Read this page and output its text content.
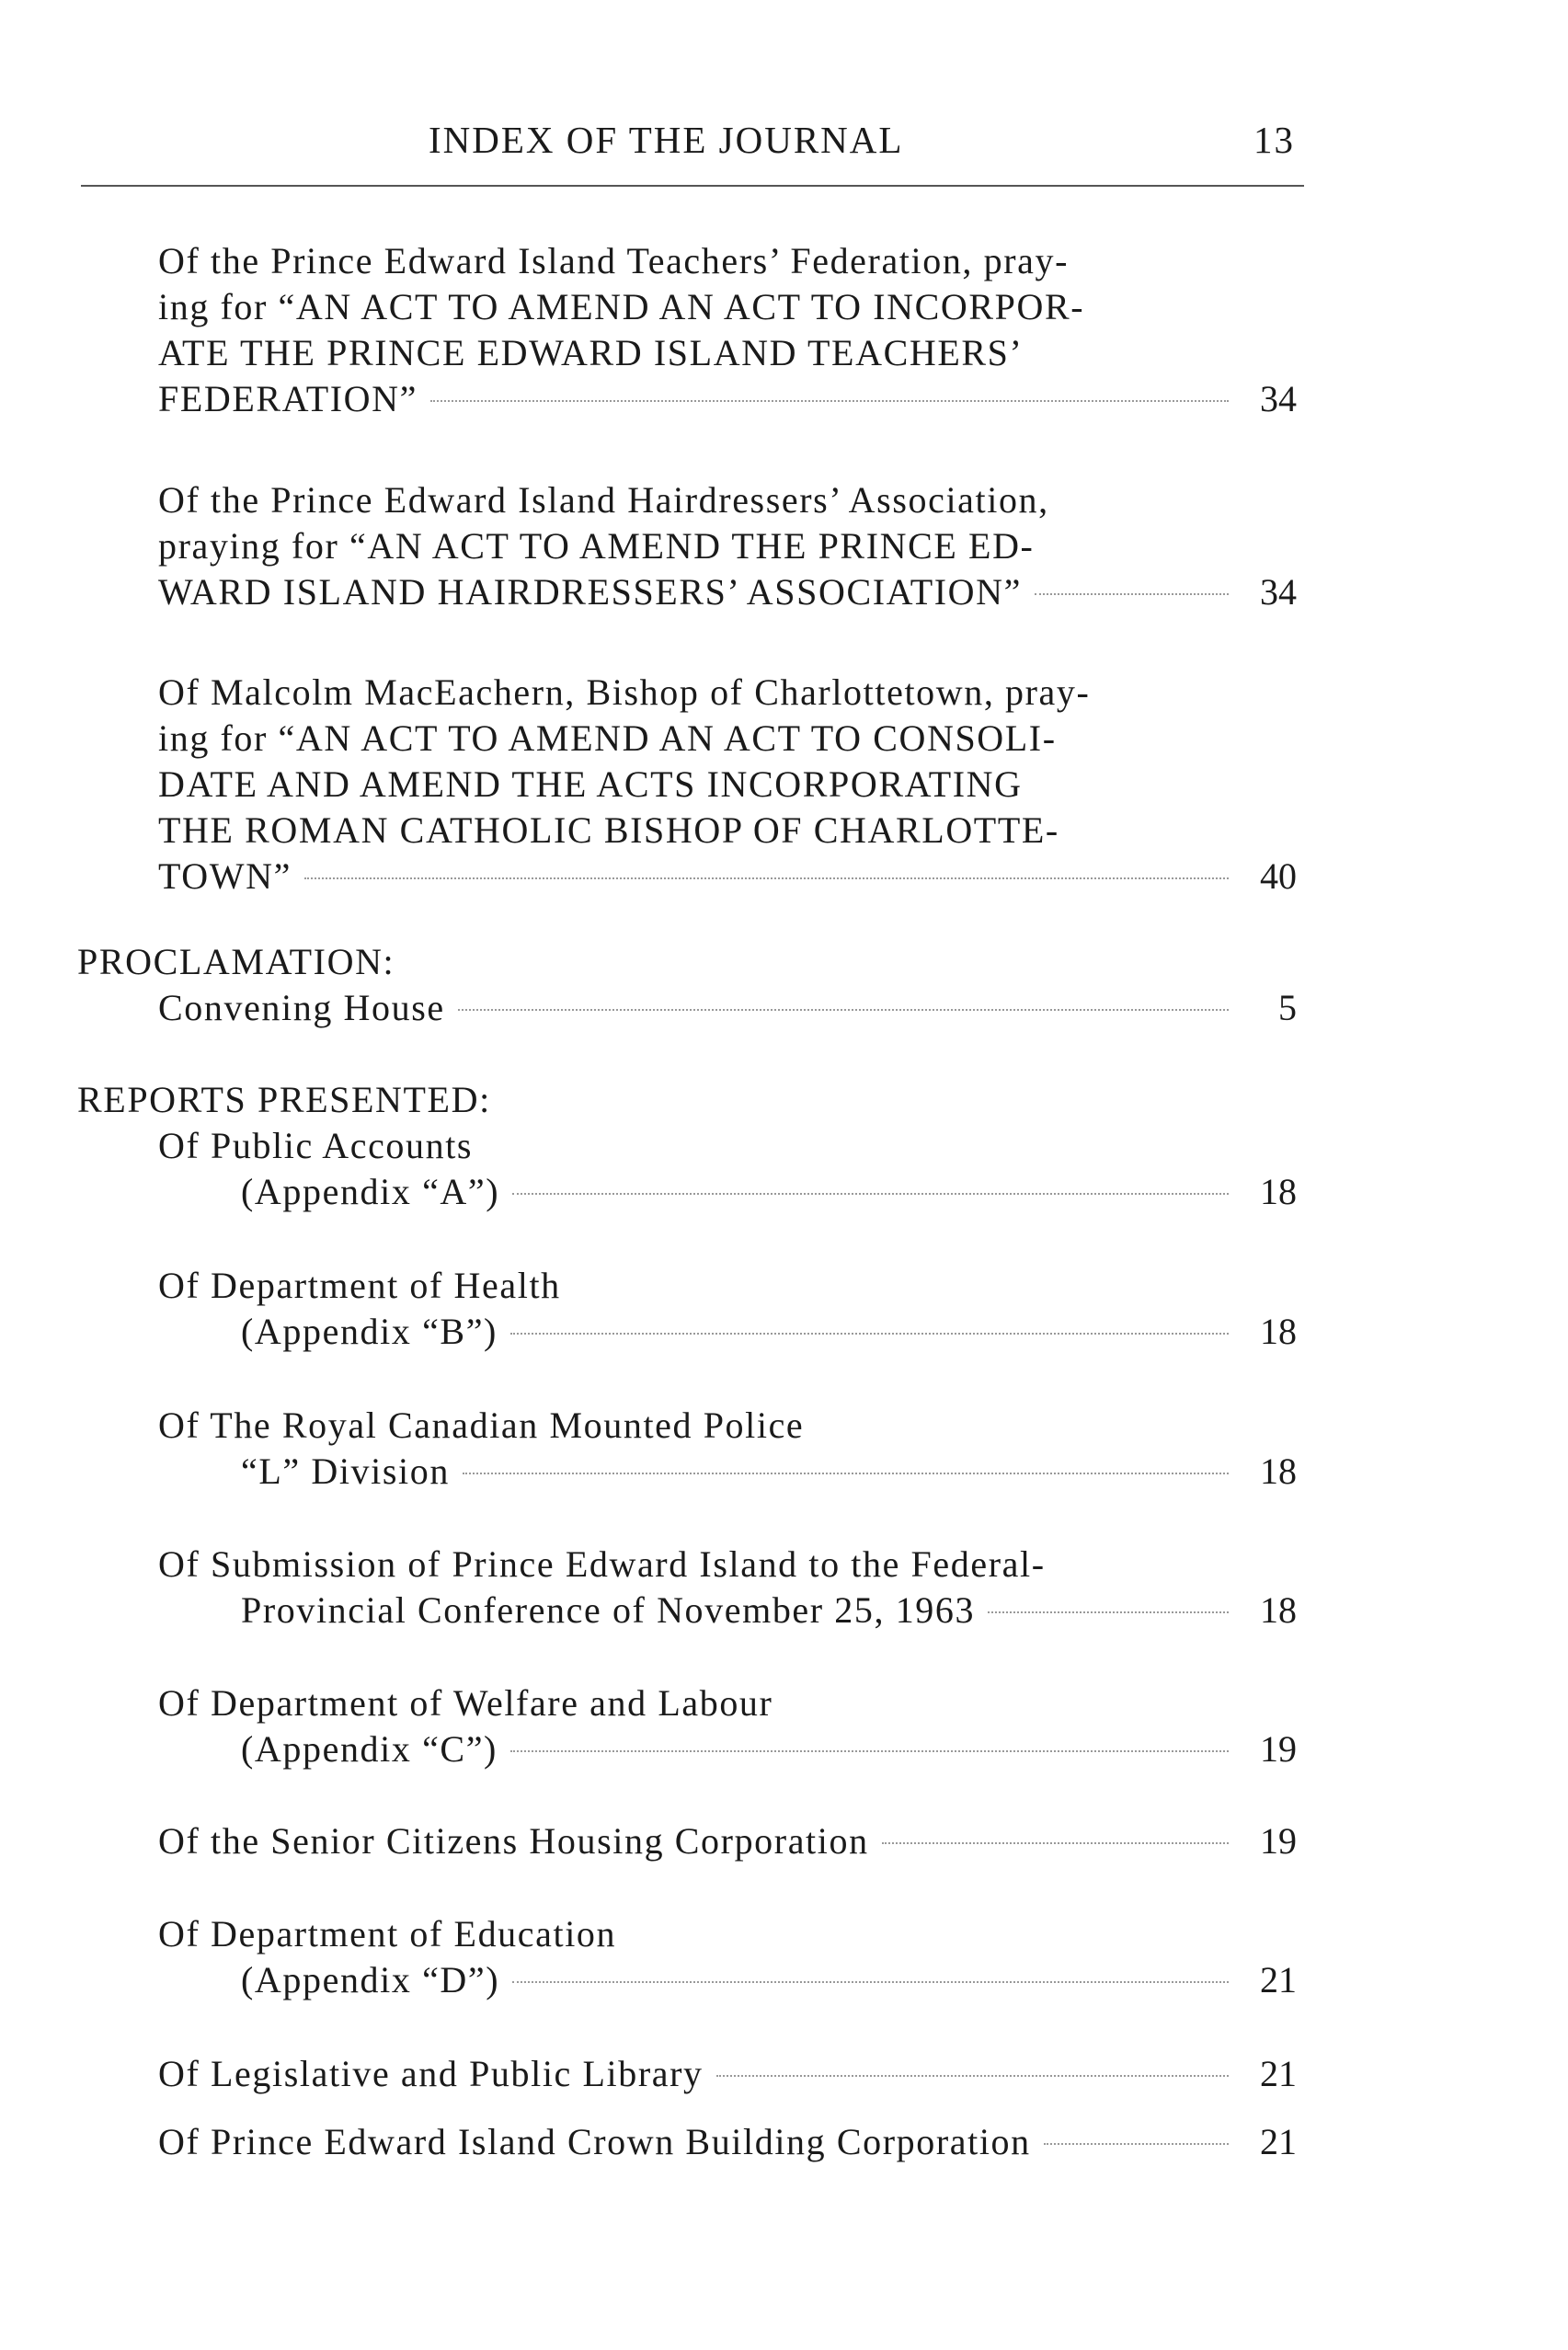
INDEX OF THE JOURNAL	13
Of the Prince Edward Island Teachers’ Federation, pray-
ing for “AN ACT TO AMEND AN ACT TO INCORPOR-
ATE THE PRINCE EDWARD ISLAND TEACHERS’
FEDERATION”	34
Of the Prince Edward Island Hairdressers’ Association,
praying for “AN ACT TO AMEND THE PRINCE ED-
WARD ISLAND HAIRDRESSERS’ ASSOCIATION”	34
Of Malcolm MacEachern, Bishop of Charlottetown, pray-
ing for “AN ACT TO AMEND AN ACT TO CONSOLI-
DATE AND AMEND THE ACTS INCORPORATING
THE ROMAN CATHOLIC BISHOP OF CHARLOTTE-
TOWN”	40
PROCLAMATION:
Convening House	5
REPORTS PRESENTED:
Of Public Accounts
(Appendix “A”)	18
Of Department of Health
(Appendix “B”)	18
Of The Royal Canadian Mounted Police
“L” Division	18
Of Submission of Prince Edward Island to the Federal-
Provincial Conference of November 25, 1963	18
Of Department of Welfare and Labour
(Appendix “C”)	19
Of the Senior Citizens Housing Corporation	19
Of Department of Education
(Appendix “D”)	21
Of Legislative and Public Library	21
Of Prince Edward Island Crown Building Corporation	21
